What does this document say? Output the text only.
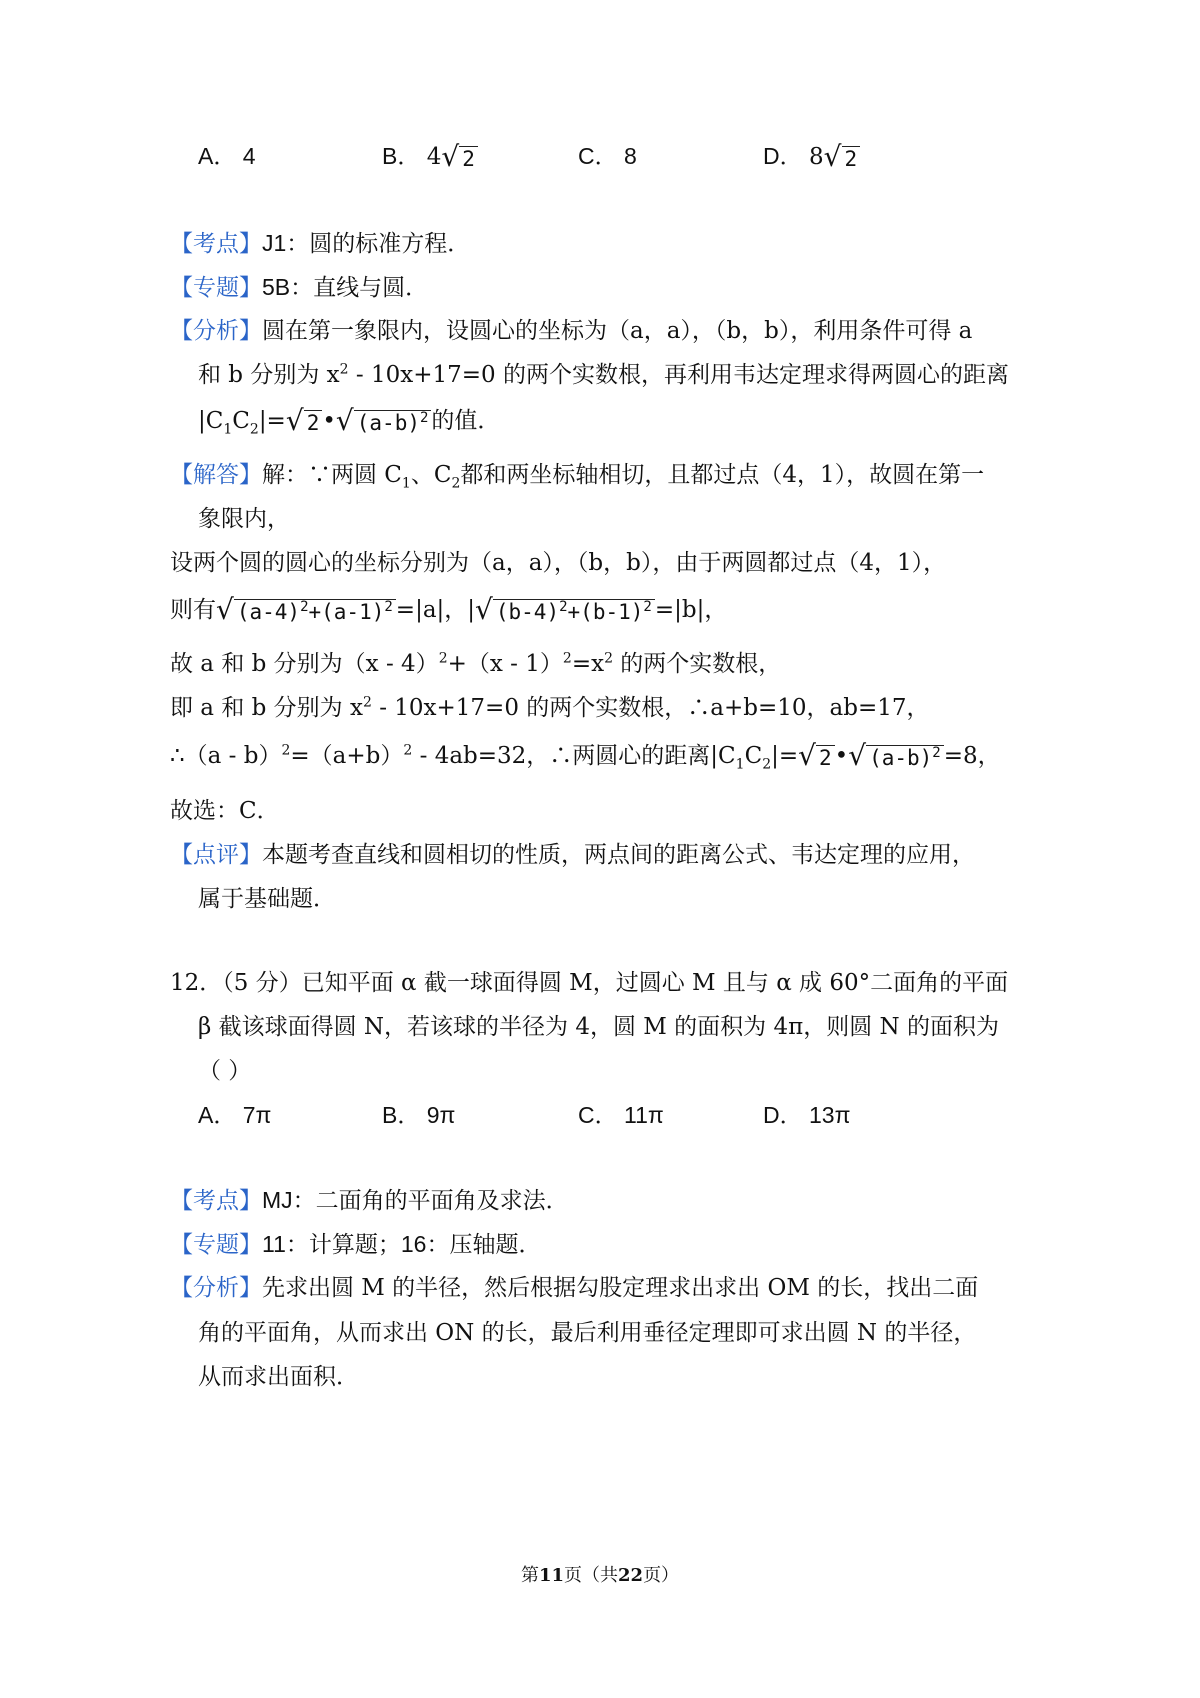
A． 4	B． 4√ 2	C． 8	D． 8√ 2
【考点】J1：圆的标准方程．
【专题】5B：直线与圆．
【分析】圆在第一象限内，设圆心的坐标为（a，a），（b，b），利用条件可得 a
和 b 分别为 $x^2 - 10x+17=0$ 的两个实数根，再利用韦达定理求得两圆心的距离
$|C_1C_2|=√$ 2 •√ $(a-b)^2$ 的值．
【解答】解：∵两圆 $C_1$、$C_2$都和两坐标轴相切，且都过点（4，1），故圆在第一
象限内，
设两个圆的圆心的坐标分别为（a，a），（b，b），由于两圆都过点（4，1），
则有√ $(a-4)^2+(a-1)^2 =|a|$，|√ $(b-4)^2+(b-1)^2 =|b|$，
故 a 和 b 分别为$(x - 4)^2+(x - 1)^2=x^2$ 的两个实数根，
即 a 和 b 分别为 $x^2 - 10x+17=0$ 的两个实数根，∴a+b=10，ab=17，
∴（a - $b)^2=(a+b)^2 - 4ab=32$，∴两圆心的距离$|C_1C_2|=√$ 2 •√ $(a-b)^2 =8$，
故选：C．
【点评】本题考查直线和圆相切的性质，两点间的距离公式、韦达定理的应用，
属于基础题．
12．（5 分）已知平面 α 截一球面得圆 M，过圆心 M 且与 α 成 60°二面角的平面
β 截该球面得圆 N，若该球的半径为 4，圆 M 的面积为 4π，则圆 N 的面积为
（ ）
A． 7π	B． 9π	C． 11π	D． 13π
【考点】MJ：二面角的平面角及求法．
【专题】11：计算题；16：压轴题．
【分析】先求出圆 M 的半径，然后根据勾股定理求出求出 OM 的长，找出二面
角的平面角，从而求出 ON 的长，最后利用垂径定理即可求出圆 N 的半径，
从而求出面积．
第11页（共22页）
